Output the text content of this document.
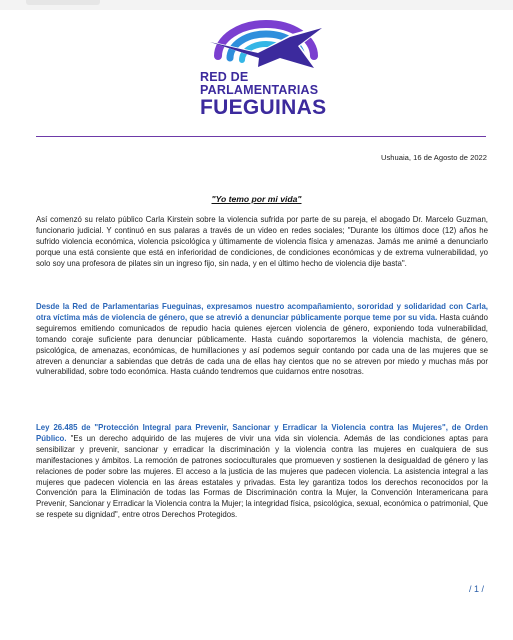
RED DE
PARLAMENTARIAS
FUEGUINAS
Ushuaia, 16 de Agosto de 2022
"Yo temo por mi vida"
Así comenzó su relato público Carla Kirstein sobre la violencia sufrida por parte de su pareja, el abogado Dr. Marcelo Guzman, funcionario judicial. Y continuó en sus palaras a través de un video en redes sociales; "Durante los últimos doce (12) años he sufrido violencia económica, violencia psicológica y últimamente de violencia física y amenazas. Jamás me animé a denunciarlo porque una está consiente que está en inferioridad de condiciones, de condiciones económicas y de extrema vulnerabilidad, yo solo soy una profesora de pilates sin un ingreso fijo, sin nada, y en el último hecho de violencia dije basta".
Desde la Red de Parlamentarias Fueguinas, expresamos nuestro acompañamiento, sororidad y solidaridad con Carla, otra víctima más de violencia de género, que se atrevió a denunciar públicamente porque teme por su vida. Hasta cuándo seguiremos emitiendo comunicados de repudio hacia quienes ejercen violencia de género, exponiendo toda vulnerabilidad, tomando coraje suficiente para denunciar públicamente. Hasta cuándo soportaremos la violencia machista, de género, psicológica, de amenazas, económicas, de humillaciones y así podemos seguir contando por cada una de las mujeres que se atreven a denunciar a sabiendas que detrás de cada una de ellas hay cientos que no se atreven por miedo y muchas más por vulnerabilidad, sobre todo económica. Hasta cuándo tendremos que cuidarnos entre nosotras.
Ley 26.485 de "Protección Integral para Prevenir, Sancionar y Erradicar la Violencia contra las Mujeres", de Orden Público. "Es un derecho adquirido de las mujeres de vivir una vida sin violencia. Además de las condiciones aptas para sensibilizar y prevenir, sancionar y erradicar la discriminación y la violencia contra las mujeres en cualquiera de sus manifestaciones y ámbitos. La remoción de patrones socioculturales que promueven y sostienen la desigualdad de género y las relaciones de poder sobre las mujeres. El acceso a la justicia de las mujeres que padecen violencia. La asistencia integral a las mujeres que padecen violencia en las áreas estatales y privadas. Esta ley garantiza todos los derechos reconocidos por la Convención para la Eliminación de todas las Formas de Discriminación contra la Mujer, la Convención Interamericana para Prevenir, Sancionar y Erradicar la Violencia contra la Mujer; la integridad física, psicológica, sexual, económica o patrimonial, Que se respete su dignidad", entre otros Derechos Protegidos.
/ 1 /
